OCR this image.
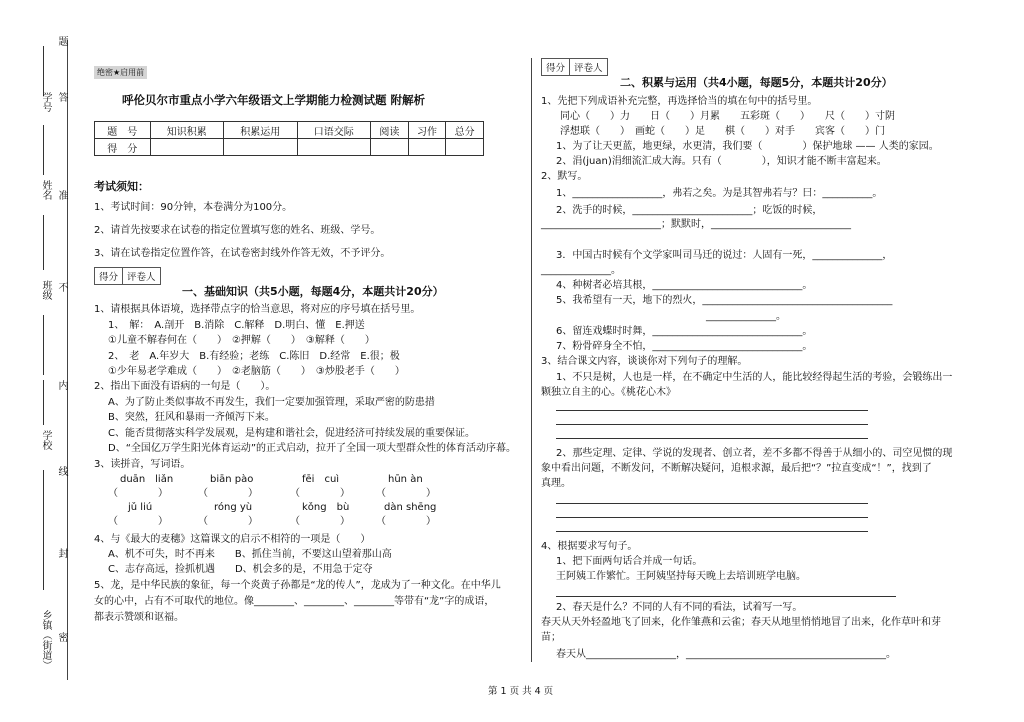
题
学号 答
姓名 准
班级 不
内
学校
线
封
乡镇（街道） 密
绝密★启用前
呼伦贝尔市重点小学六年级语文上学期能力检测试题 附解析
题　号	知识积累	积累运用	口语交际	阅读	习作	总分
得　分						
考试须知：
1、考试时间：90分钟，本卷满分为100分。
2、请首先按要求在试卷的指定位置填写您的姓名、班级、学号。
3、请在试卷指定位置作答，在试卷密封线外作答无效，不予评分。
得分 评卷人
一、基础知识（共5小题，每题4分，本题共计20分）
1、请根据具体语境，选择带点字的恰当意思，将对应的序号填在括号里。
1、　解：　A.剖开　B.消除　C.解释　D.明白、懂　E.押送
①儿童不解春何在（　　）　②押解（　　）　③解释（　　）
2、　老　A.年岁大　B.有经验；老练　C.陈旧　D.经常　E.很；极
①少年易老学难成（　　）　②老脑筋（　　）　③炒股老手（　　）
2、指出下面没有语病的一句是（　　）。
A、为了防止类似事故不再发生，我们一定要加强管理，采取严密的防患措
B、突然，狂风和暴雨一齐倾泻下来。
C、能否贯彻落实科学发展观，是构建和谐社会，促进经济可持续发展的重要保证。
D、“全国亿万学生阳光体育运动”的正式启动，拉开了全国一项大型群众性的体育活动序幕。
3、读拼音，写词语。
duān　liǎn	biān pào	fēi　cuì	hūn àn
（　　　　）	（　　　　）	（　　　　）	（　　　　）
jǔ liú	róng yù	kǒng　bù	dàn shēng
（　　　　）	（　　　　）	（　　　　）	（　　　　）
4、与《最大的麦穗》这篇课文的启示不相符的一项是（　　）
A、机不可失，时不再来　　B、抓住当前，不要这山望着那山高
C、志存高远，捡抓机遇　　D、机会多的是，不用急于定夺
5、龙，是中华民族的象征，每一个炎黄子孙都是“龙的传人”，龙成为了一种文化。在中华儿
女的心中，占有不可取代的地位。像________、________、________等带有“龙”字的成语，
都表示赞颂和讴福。
得分 评卷人
二、积累与运用（共4小题，每题5分，本题共计20分）
1、先把下列成语补充完整，再选择恰当的填在句中的括号里。
同心（　　）力　　日（　　）月累　　五彩斑（　　）　　尺（　　）寸阴
浮想联（　　）　画蛇（　　）足　　棋（　　）对手　　宾客（　　）门
1、为了让天更蓝，地更绿，水更清，我们要（　　　　）保护地球 —— 人类的家园。
2、涓(juan)涓细流汇成大海。只有（　　　　），知识才能不断丰富起来。
2、默写。
1、__________________，弗若之矣。为是其智弗若与？曰：__________。
2、洗手的时候，________________________；吃饭的时候，
________________________；默默时，____________________________
3．中国古时候有个文学家叫司马迁的说过：人固有一死，______________，
______________。
4、种树者必培其根，______________________________。
5、我希望有一天，地下的烈火，______________________________________
______________。
6、留连戏蝶时时舞，______________________________。
7、粉骨碎身全不怕，______________________________。
3、结合课文内容，谈谈你对下列句子的理解。
1、不只是树，人也是一样，在不确定中生活的人，能比较经得起生活的考验，会锻练出一
颗独立自主的心。《桃花心木》
2、那些定理、定律、学说的发现者、创立者，差不多都不得善于从细小的、司空见惯的现
象中看出问题，不断发问，不断解决疑问，追根求源，最后把“？”拉直变成“！”，找到了
真理。
4、根据要求写句子。
1、把下面两句话合并成一句话。
王阿姨工作繁忙。王阿姨坚持每天晚上去培训班学电脑。
2、春天是什么？不同的人有不同的看法，试着写一写。
春天从天外轻盈地飞了回来，化作雏燕和云雀；春天从地里悄悄地冒了出来，化作草叶和芽
苗；
春天从__________________，________________________________________。
第 1 页 共 4 页
